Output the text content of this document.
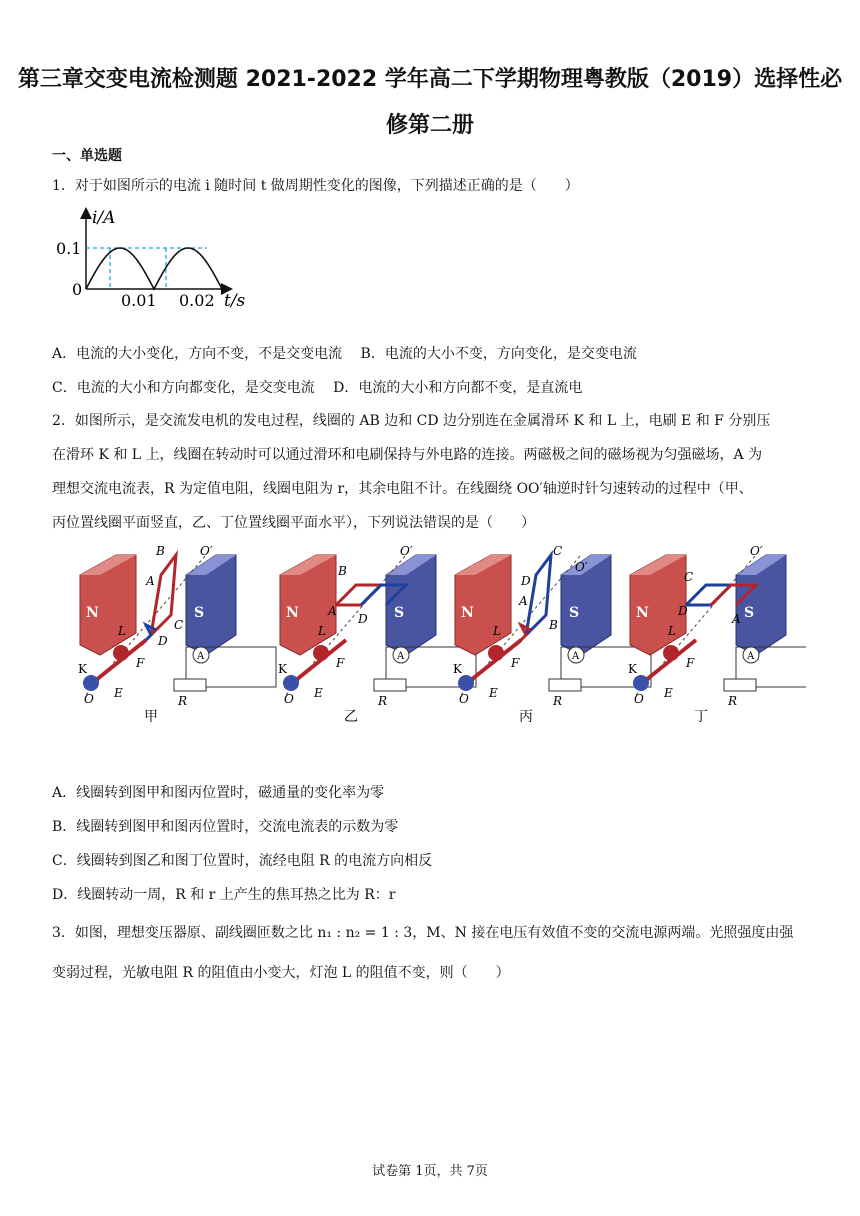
第三章交变电流检测题 2021-2022 学年高二下学期物理粤教版（2019）选择性必
修第二册
一、单选题
1．对于如图所示的电流 i 随时间 t 做周期性变化的图像，下列描述正确的是（　　）
i/A
0.1
0
0.01 0.02 t/s
A．电流的大小变化，方向不变，不是交变电流　 B．电流的大小不变，方向变化，是交变电流
C．电流的大小和方向都变化，是交变电流　 D．电流的大小和方向都不变，是直流电
2．如图所示，是交流发电机的发电过程，线圈的 AB 边和 CD 边分别连在金属滑环 K 和 L 上，电刷 E 和 F 分别压
在滑环 K 和 L 上，线圈在转动时可以通过滑环和电刷保持与外电路的连接。两磁极之间的磁场视为匀强磁场，A 为
理想交流电流表，R 为定值电阻，线圈电阻为 r，其余电阻不计。在线圈绕 OO′轴逆时针匀速转动的过程中（甲、
丙位置线圈平面竖直，乙、丁位置线圈平面水平），下列说法错误的是（　　）
N	S
A
B	O′
A
C
D
L
F
K
O E
R
甲
N	S
A
B
O′
A
D
L
F
K
O E
R
乙
N	S
A
C
O′
D
B
A
L
F
K
O E
R
丙
N	S
A
C
O′
D
A
L
F
K
O E
R
丁
A．线圈转到图甲和图丙位置时，磁通量的变化率为零
B．线圈转到图甲和图丙位置时，交流电流表的示数为零
C．线圈转到图乙和图丁位置时，流经电阻 R 的电流方向相反
D．线圈转动一周，R 和 r 上产生的焦耳热之比为 R：r
3．如图，理想变压器原、副线圈匝数之比 n₁ : n₂ = 1 : 3，M、N 接在电压有效值不变的交流电源两端。光照强度由强
变弱过程，光敏电阻 R 的阻值由小变大，灯泡 L 的阻值不变，则（　　）
试卷第 1页，共 7页
